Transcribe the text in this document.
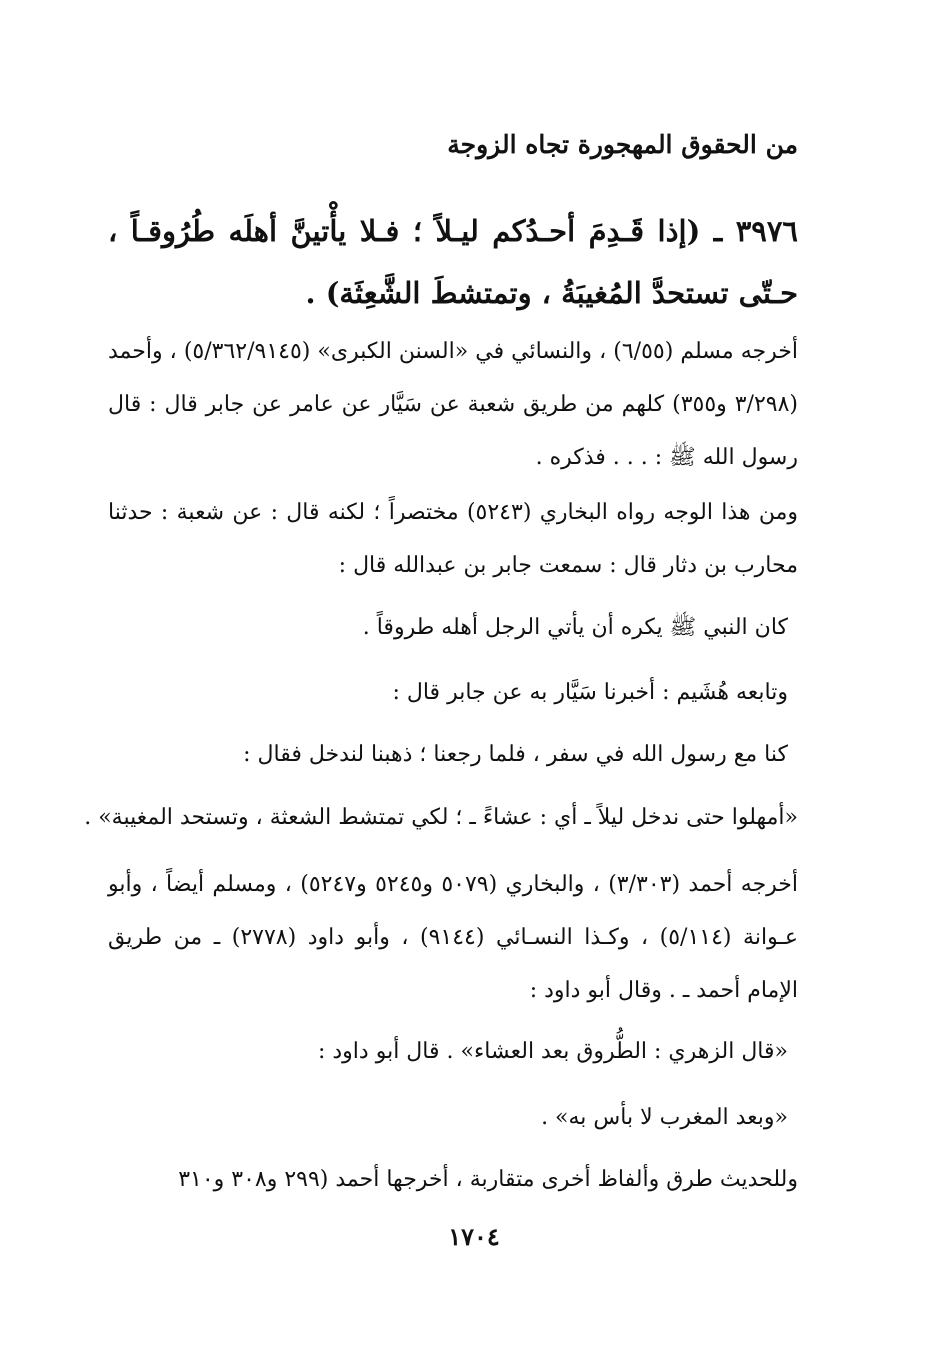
من الحقوق المهجورة تجاه الزوجة
٣٩٧٦ ـ (إذا قَـدِمَ أحـدُكم ليـلاً ؛ فـلا يأْتينَّ أهلَه طُرُوقـاً ، حـتّى تستحدَّ المُغيبَةُ ، وتمتشطَ الشَّعِثَة) .
أخرجه مسلم (٦/٥٥) ، والنسائي في «السنن الكبرى» (٥/٣٦٢/٩١٤٥) ، وأحمد (٣/٢٩٨ و٣٥٥) كلهم من طريق شعبة عن سَيَّار عن عامر عن جابر قال : قال رسول الله ﷺ : . . . فذكره .
ومن هذا الوجه رواه البخاري (٥٢٤٣) مختصراً ؛ لكنه قال : عن شعبة : حدثنا محارب بن دثار قال : سمعت جابر بن عبدالله قال :
كان النبي ﷺ يكره أن يأتي الرجل أهله طروقاً .
وتابعه هُشَيم : أخبرنا سَيَّار به عن جابر قال :
كنا مع رسول الله في سفر ، فلما رجعنا ؛ ذهبنا لندخل فقال :
«أمهلوا حتى ندخل ليلاً ـ أي : عشاءً ـ ؛ لكي تمتشط الشعثة ، وتستحد المغيبة» .
أخرجه أحمد (٣/٣٠٣) ، والبخاري (٥٠٧٩ و٥٢٤٥ و٥٢٤٧) ، ومسلم أيضاً ، وأبو عـوانة (٥/١١٤) ، وكـذا النسـائي (٩١٤٤) ، وأبو داود (٢٧٧٨) ـ من طريق الإمام أحمد ـ . وقال أبو داود :
«قال الزهري : الطُّروق بعد العشاء» . قال أبو داود :
«وبعد المغرب لا بأس به» .
وللحديث طرق وألفاظ أخرى متقاربة ، أخرجها أحمد (٢٩٩ و٣٠٨ و٣١٠
١٧٠٤
